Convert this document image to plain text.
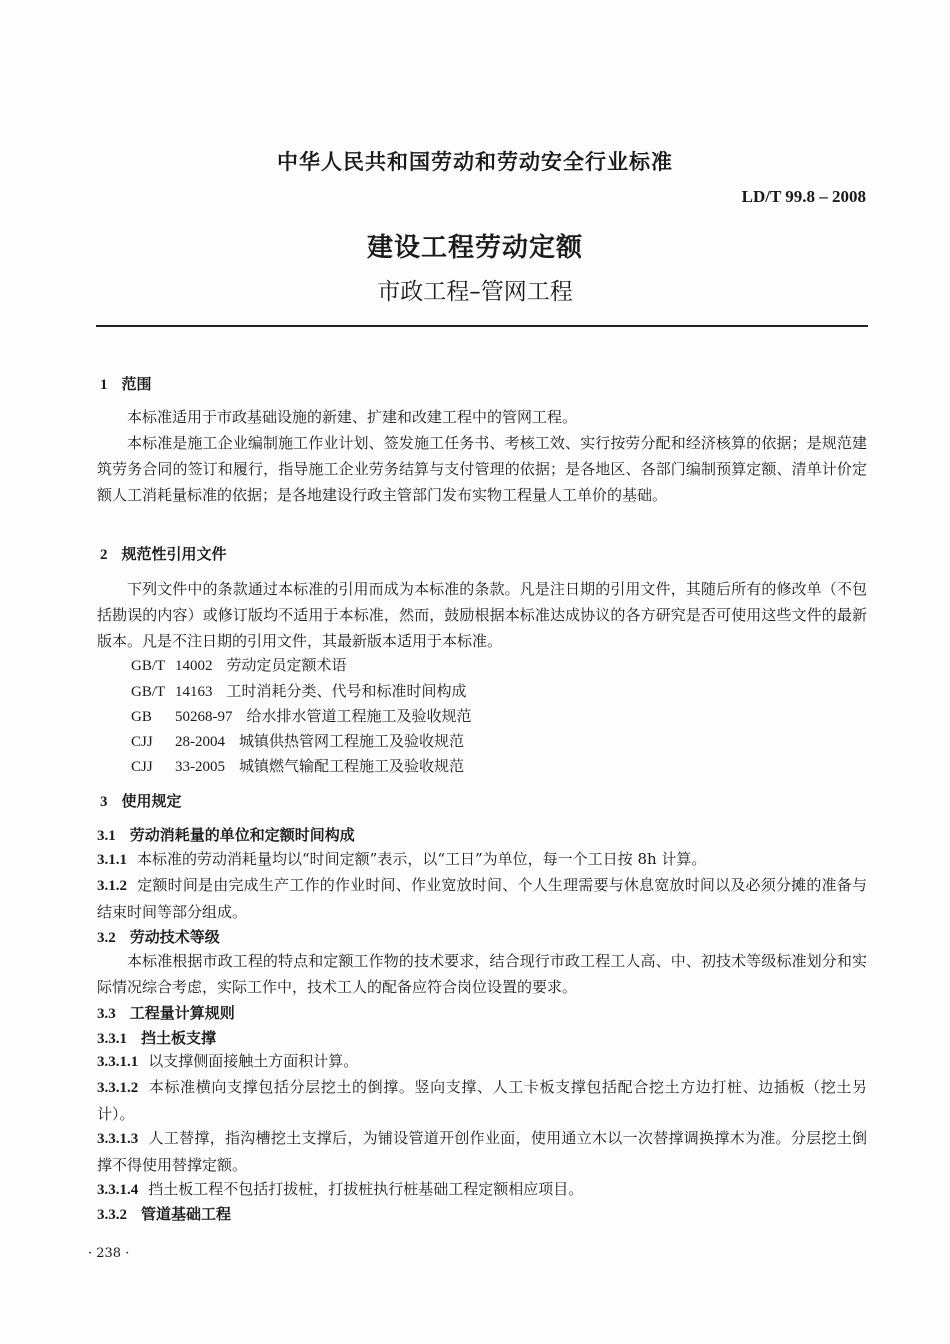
中华人民共和国劳动和劳动安全行业标准
LD/T 99.8 – 2008
建设工程劳动定额
市政工程–管网工程
1 范围
本标准适用于市政基础设施的新建、扩建和改建工程中的管网工程。
本标准是施工企业编制施工作业计划、签发施工任务书、考核工效、实行按劳分配和经济核算的依据；是规范建筑劳务合同的签订和履行，指导施工企业劳务结算与支付管理的依据；是各地区、各部门编制预算定额、清单计价定额人工消耗量标准的依据；是各地建设行政主管部门发布实物工程量人工单价的基础。
2 规范性引用文件
下列文件中的条款通过本标准的引用而成为本标准的条款。凡是注日期的引用文件，其随后所有的修改单（不包括勘误的内容）或修订版均不适用于本标准，然而，鼓励根据本标准达成协议的各方研究是否可使用这些文件的最新版本。凡是不注日期的引用文件，其最新版本适用于本标准。
GB/T 14002 劳动定员定额术语
GB/T 14163 工时消耗分类、代号和标准时间构成
GB 50268-97 给水排水管道工程施工及验收规范
CJJ 28-2004 城镇供热管网工程施工及验收规范
CJJ 33-2005 城镇燃气输配工程施工及验收规范
3 使用规定
3.1 劳动消耗量的单位和定额时间构成
3.1.1 本标准的劳动消耗量均以“时间定额”表示，以“工日”为单位，每一个工日按 8h 计算。
3.1.2 定额时间是由完成生产工作的作业时间、作业宽放时间、个人生理需要与休息宽放时间以及必须分摊的准备与结束时间等部分组成。
3.2 劳动技术等级
本标准根据市政工程的特点和定额工作物的技术要求，结合现行市政工程工人高、中、初技术等级标准划分和实际情况综合考虑，实际工作中，技术工人的配备应符合岗位设置的要求。
3.3 工程量计算规则
3.3.1 挡土板支撑
3.3.1.1 以支撑侧面接触土方面积计算。
3.3.1.2 本标准横向支撑包括分层挖土的倒撑。竖向支撑、人工卡板支撑包括配合挖土方边打桩、边插板（挖土另计）。
3.3.1.3 人工替撑，指沟槽挖土支撑后，为铺设管道开创作业面，使用通立木以一次替撑调换撑木为准。分层挖土倒撑不得使用替撑定额。
3.3.1.4 挡土板工程不包括打拔桩，打拔桩执行桩基础工程定额相应项目。
3.3.2 管道基础工程
· 238 ·
